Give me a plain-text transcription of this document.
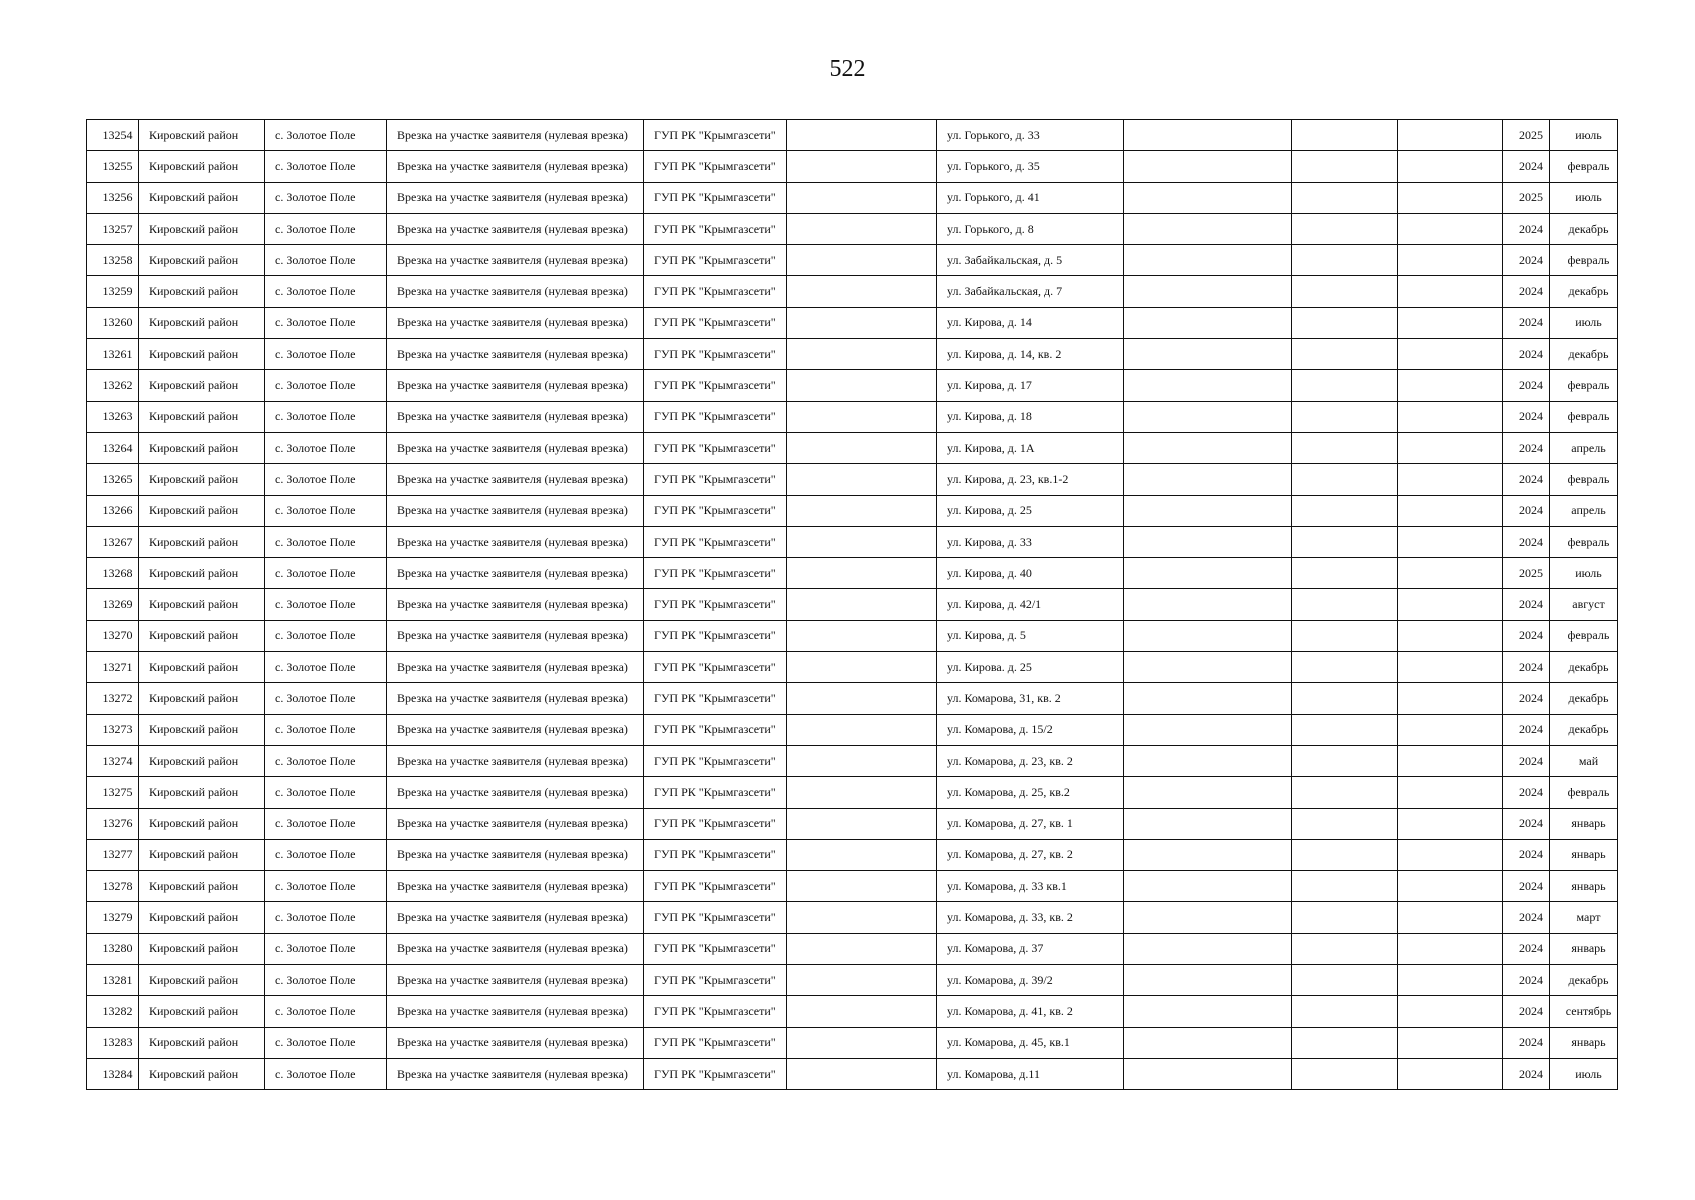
522
13254	Кировский район	с. Золотое Поле	Врезка на участке заявителя (нулевая врезка)	ГУП РК "Крымгазсети"		ул. Горького, д. 33				2025	июль
13255	Кировский район	с. Золотое Поле	Врезка на участке заявителя (нулевая врезка)	ГУП РК "Крымгазсети"		ул. Горького, д. 35				2024	февраль
13256	Кировский район	с. Золотое Поле	Врезка на участке заявителя (нулевая врезка)	ГУП РК "Крымгазсети"		ул. Горького, д. 41				2025	июль
13257	Кировский район	с. Золотое Поле	Врезка на участке заявителя (нулевая врезка)	ГУП РК "Крымгазсети"		ул. Горького, д. 8				2024	декабрь
13258	Кировский район	с. Золотое Поле	Врезка на участке заявителя (нулевая врезка)	ГУП РК "Крымгазсети"		ул. Забайкальская, д. 5				2024	февраль
13259	Кировский район	с. Золотое Поле	Врезка на участке заявителя (нулевая врезка)	ГУП РК "Крымгазсети"		ул. Забайкальская, д. 7				2024	декабрь
13260	Кировский район	с. Золотое Поле	Врезка на участке заявителя (нулевая врезка)	ГУП РК "Крымгазсети"		ул. Кирова, д. 14				2024	июль
13261	Кировский район	с. Золотое Поле	Врезка на участке заявителя (нулевая врезка)	ГУП РК "Крымгазсети"		ул. Кирова, д. 14, кв. 2				2024	декабрь
13262	Кировский район	с. Золотое Поле	Врезка на участке заявителя (нулевая врезка)	ГУП РК "Крымгазсети"		ул. Кирова, д. 17				2024	февраль
13263	Кировский район	с. Золотое Поле	Врезка на участке заявителя (нулевая врезка)	ГУП РК "Крымгазсети"		ул. Кирова, д. 18				2024	февраль
13264	Кировский район	с. Золотое Поле	Врезка на участке заявителя (нулевая врезка)	ГУП РК "Крымгазсети"		ул. Кирова, д. 1А				2024	апрель
13265	Кировский район	с. Золотое Поле	Врезка на участке заявителя (нулевая врезка)	ГУП РК "Крымгазсети"		ул. Кирова, д. 23, кв.1-2				2024	февраль
13266	Кировский район	с. Золотое Поле	Врезка на участке заявителя (нулевая врезка)	ГУП РК "Крымгазсети"		ул. Кирова, д. 25				2024	апрель
13267	Кировский район	с. Золотое Поле	Врезка на участке заявителя (нулевая врезка)	ГУП РК "Крымгазсети"		ул. Кирова, д. 33				2024	февраль
13268	Кировский район	с. Золотое Поле	Врезка на участке заявителя (нулевая врезка)	ГУП РК "Крымгазсети"		ул. Кирова, д. 40				2025	июль
13269	Кировский район	с. Золотое Поле	Врезка на участке заявителя (нулевая врезка)	ГУП РК "Крымгазсети"		ул. Кирова, д. 42/1				2024	август
13270	Кировский район	с. Золотое Поле	Врезка на участке заявителя (нулевая врезка)	ГУП РК "Крымгазсети"		ул. Кирова, д. 5				2024	февраль
13271	Кировский район	с. Золотое Поле	Врезка на участке заявителя (нулевая врезка)	ГУП РК "Крымгазсети"		ул. Кирова. д. 25				2024	декабрь
13272	Кировский район	с. Золотое Поле	Врезка на участке заявителя (нулевая врезка)	ГУП РК "Крымгазсети"		ул. Комарова, 31, кв. 2				2024	декабрь
13273	Кировский район	с. Золотое Поле	Врезка на участке заявителя (нулевая врезка)	ГУП РК "Крымгазсети"		ул. Комарова, д. 15/2				2024	декабрь
13274	Кировский район	с. Золотое Поле	Врезка на участке заявителя (нулевая врезка)	ГУП РК "Крымгазсети"		ул. Комарова, д. 23, кв. 2				2024	май
13275	Кировский район	с. Золотое Поле	Врезка на участке заявителя (нулевая врезка)	ГУП РК "Крымгазсети"		ул. Комарова, д. 25, кв.2				2024	февраль
13276	Кировский район	с. Золотое Поле	Врезка на участке заявителя (нулевая врезка)	ГУП РК "Крымгазсети"		ул. Комарова, д. 27, кв. 1				2024	январь
13277	Кировский район	с. Золотое Поле	Врезка на участке заявителя (нулевая врезка)	ГУП РК "Крымгазсети"		ул. Комарова, д. 27, кв. 2				2024	январь
13278	Кировский район	с. Золотое Поле	Врезка на участке заявителя (нулевая врезка)	ГУП РК "Крымгазсети"		ул. Комарова, д. 33 кв.1				2024	январь
13279	Кировский район	с. Золотое Поле	Врезка на участке заявителя (нулевая врезка)	ГУП РК "Крымгазсети"		ул. Комарова, д. 33, кв. 2				2024	март
13280	Кировский район	с. Золотое Поле	Врезка на участке заявителя (нулевая врезка)	ГУП РК "Крымгазсети"		ул. Комарова, д. 37				2024	январь
13281	Кировский район	с. Золотое Поле	Врезка на участке заявителя (нулевая врезка)	ГУП РК "Крымгазсети"		ул. Комарова, д. 39/2				2024	декабрь
13282	Кировский район	с. Золотое Поле	Врезка на участке заявителя (нулевая врезка)	ГУП РК "Крымгазсети"		ул. Комарова, д. 41, кв. 2				2024	сентябрь
13283	Кировский район	с. Золотое Поле	Врезка на участке заявителя (нулевая врезка)	ГУП РК "Крымгазсети"		ул. Комарова, д. 45, кв.1				2024	январь
13284	Кировский район	с. Золотое Поле	Врезка на участке заявителя (нулевая врезка)	ГУП РК "Крымгазсети"		ул. Комарова, д.11				2024	июль
